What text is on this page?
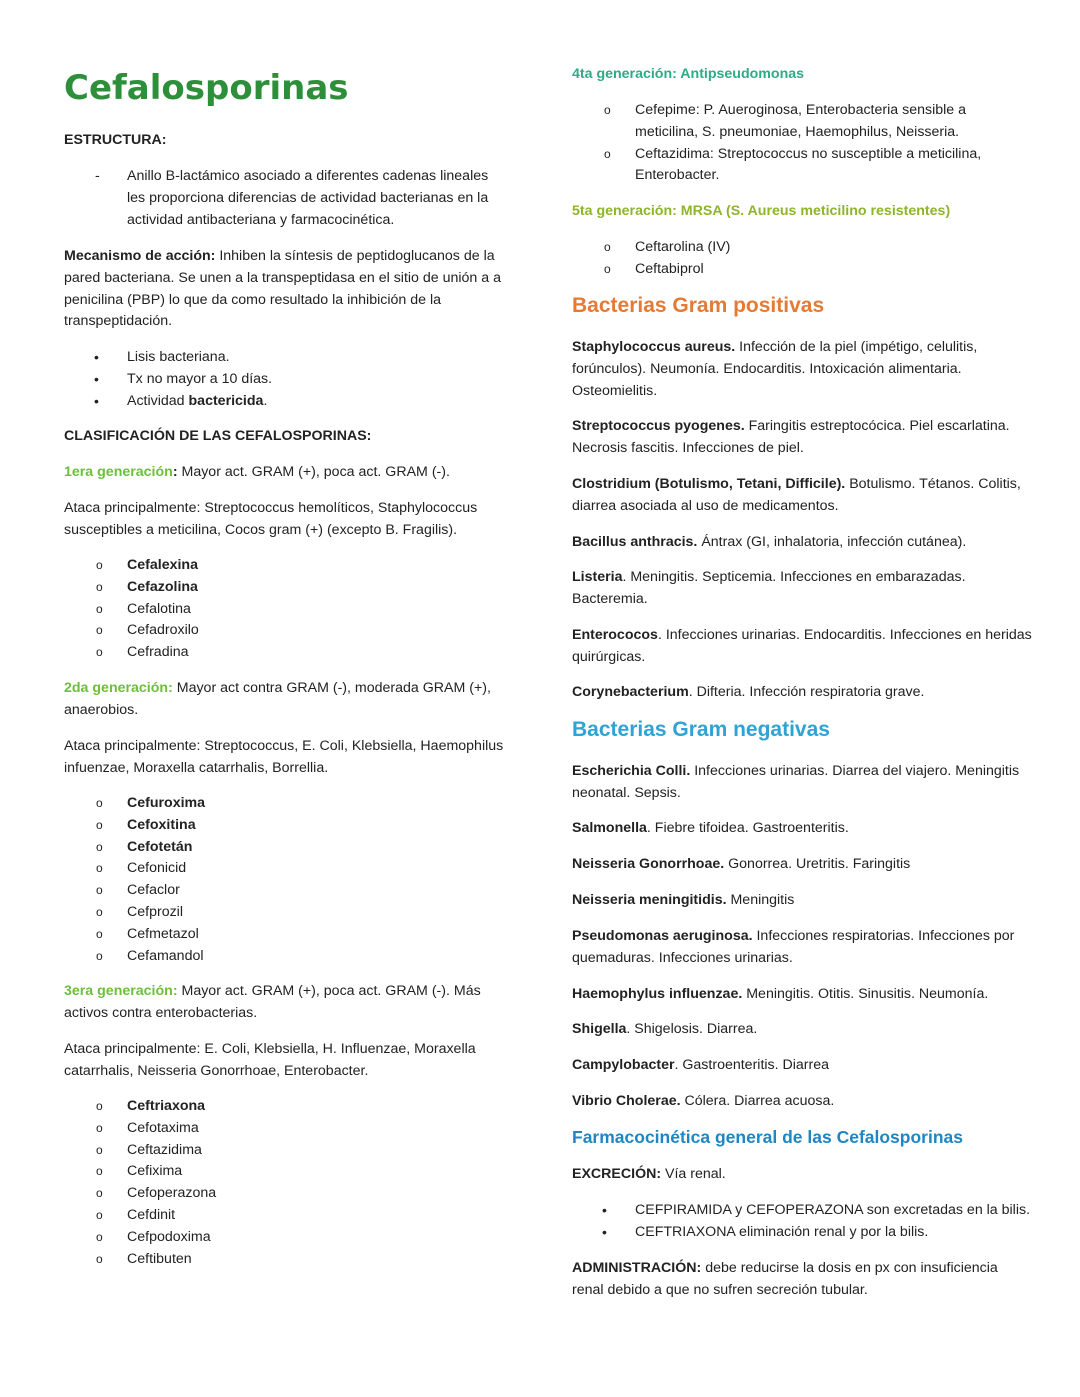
Cefalosporinas

ESTRUCTURA:

- Anillo B-lactámico asociado a diferentes cadenas lineales les proporciona diferencias de actividad bacterianas en la actividad antibacteriana y farmacocinética.

Mecanismo de acción: Inhiben la síntesis de peptidoglucanos de la pared bacteriana. Se unen a la transpeptidasa en el sitio de unión a a penicilina (PBP) lo que da como resultado la inhibición de la transpeptidación.

• Lisis bacteriana.
• Tx no mayor a 10 días.
• Actividad bactericida.

CLASIFICACIÓN DE LAS CEFALOSPORINAS:

1era generación: Mayor act. GRAM (+), poca act. GRAM (-).

Ataca principalmente: Streptococcus hemolíticos, Staphylococcus susceptibles a meticilina, Cocos gram (+) (excepto B. Fragilis).

o Cefalexina
o Cefazolina
o Cefalotina
o Cefadroxilo
o Cefradina

2da generación: Mayor act contra GRAM (-), moderada GRAM (+), anaerobios.

Ataca principalmente: Streptococcus, E. Coli, Klebsiella, Haemophilus infuenzae, Moraxella catarrhalis, Borrellia.

o Cefuroxima
o Cefoxitina
o Cefotetán
o Cefonicid
o Cefaclor
o Cefprozil
o Cefmetazol
o Cefamandol

3era generación: Mayor act. GRAM (+), poca act. GRAM (-). Más activos contra enterobacterias.

Ataca principalmente: E. Coli, Klebsiella, H. Influenzae, Moraxella catarrhalis, Neisseria Gonorrhoae, Enterobacter.

o Ceftriaxona
o Cefotaxima
o Ceftazidima
o Cefixima
o Cefoperazona
o Cefdinit
o Cefpodoxima
o Ceftibuten

4ta generación: Antipseudomonas

o Cefepime: P. Aueroginosa, Enterobacteria sensible a meticilina, S. pneumoniae, Haemophilus, Neisseria.
o Ceftazidima: Streptococcus no susceptible a meticilina, Enterobacter.

5ta generación: MRSA (S. Aureus meticilino resistentes)

o Ceftarolina (IV)
o Ceftabiprol

Bacterias Gram positivas

Staphylococcus aureus. Infección de la piel (impétigo, celulitis, forúnculos). Neumonía. Endocarditis. Intoxicación alimentaria. Osteomielitis.

Streptococcus pyogenes. Faringitis estreptocócica. Piel escarlatina. Necrosis fascitis. Infecciones de piel.

Clostridium (Botulismo, Tetani, Difficile). Botulismo. Tétanos. Colitis, diarrea asociada al uso de medicamentos.

Bacillus anthracis. Ántrax (GI, inhalatoria, infección cutánea).

Listeria. Meningitis. Septicemia. Infecciones en embarazadas. Bacteremia.

Enterococos. Infecciones urinarias. Endocarditis. Infecciones en heridas quirúrgicas.

Corynebacterium. Difteria. Infección respiratoria grave.

Bacterias Gram negativas

Escherichia Colli. Infecciones urinarias. Diarrea del viajero. Meningitis neonatal. Sepsis.

Salmonella. Fiebre tifoidea. Gastroenteritis.

Neisseria Gonorrhoae. Gonorrea. Uretritis. Faringitis

Neisseria meningitidis. Meningitis

Pseudomonas aeruginosa. Infecciones respiratorias. Infecciones por quemaduras. Infecciones urinarias.

Haemophylus influenzae. Meningitis. Otitis. Sinusitis. Neumonía.

Shigella. Shigelosis. Diarrea.

Campylobacter. Gastroenteritis. Diarrea

Vibrio Cholerae. Cólera. Diarrea acuosa.

Farmacocinética general de las Cefalosporinas

EXCRECIÓN: Vía renal.

• CEFPIRAMIDA y CEFOPERAZONA son excretadas en la bilis.
• CEFTRIAXONA eliminación renal y por la bilis.

ADMINISTRACIÓN: debe reducirse la dosis en px con insuficiencia renal debido a que no sufren secreción tubular.
